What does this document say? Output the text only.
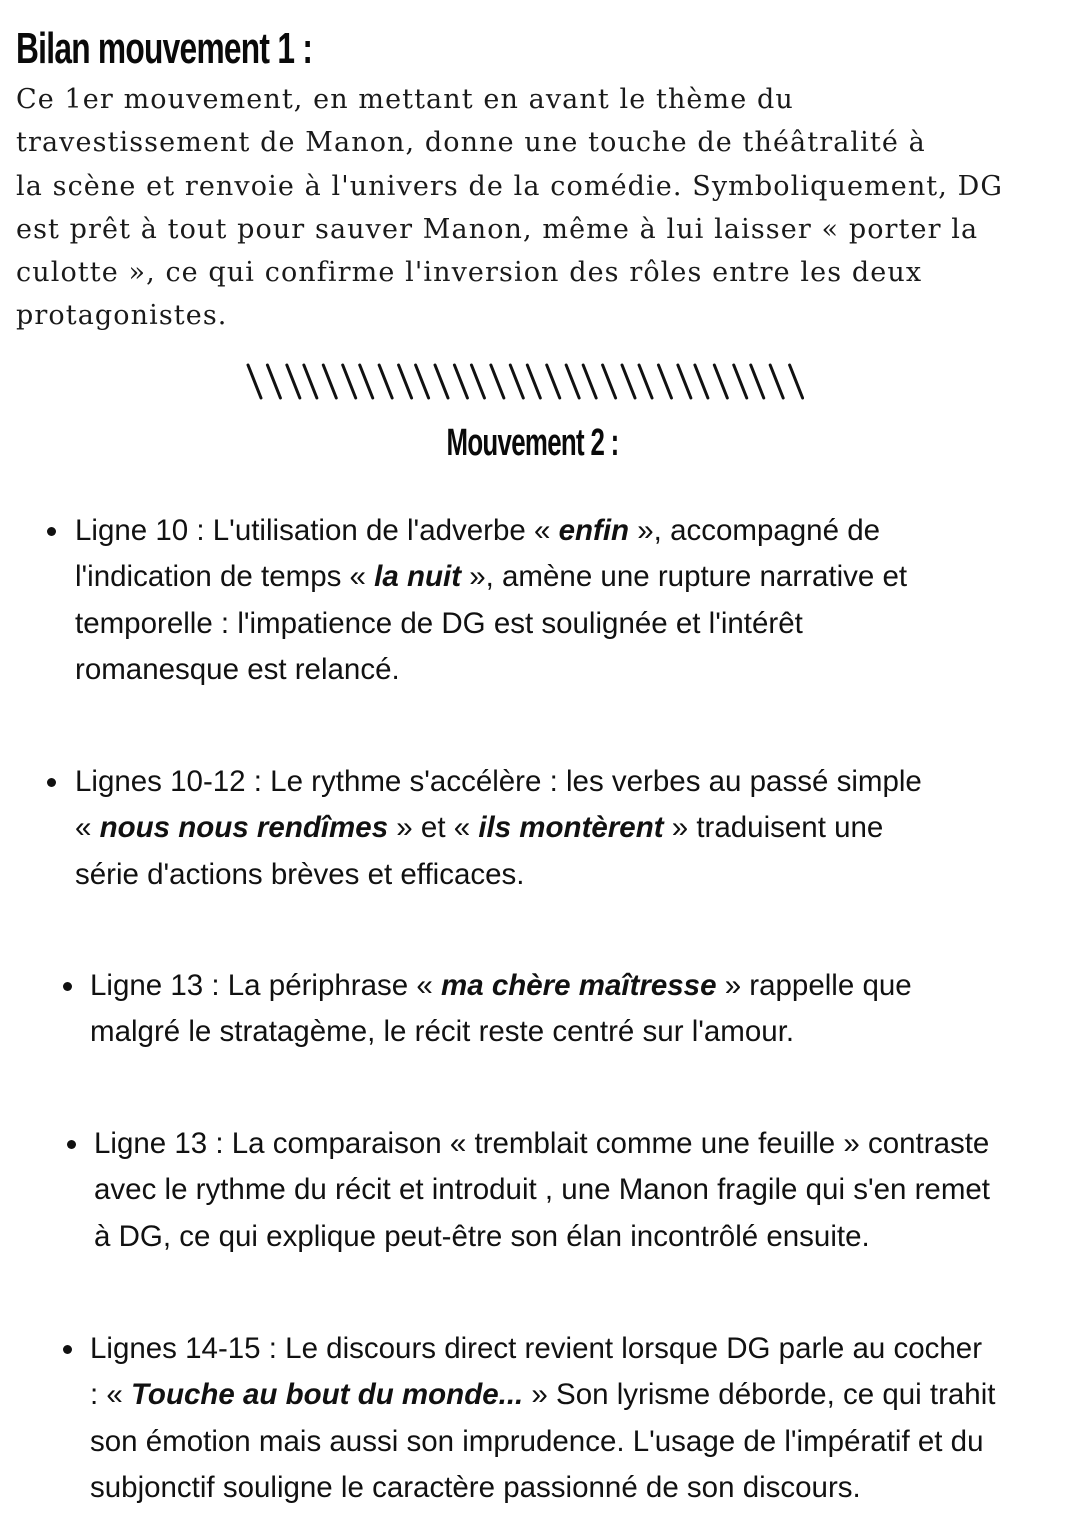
Bilan mouvement 1 :

Ce 1er mouvement, en mettant en avant le thème du
travestissement de Manon, donne une touche de théâtralité à
la scène et renvoie à l'univers de la comédie. Symboliquement, DG
est prêt à tout pour sauver Manon, même à lui laisser « porter la
culotte », ce qui confirme l'inversion des rôles entre les deux
protagonistes.

Mouvement 2 :
Ligne 10 : L'utilisation de l'adverbe « enfin », accompagné de
l'indication de temps « la nuit », amène une rupture narrative et
temporelle : l'impatience de DG est soulignée et l'intérêt
romanesque est relancé.
Lignes 10-12 : Le rythme s'accélère : les verbes au passé simple
« nous nous rendîmes » et « ils montèrent » traduisent une
série d'actions brèves et efficaces.
Ligne 13 : La périphrase « ma chère maîtresse » rappelle que
malgré le stratagème, le récit reste centré sur l'amour.
Ligne 13 : La comparaison « tremblait comme une feuille » contraste
avec le rythme du récit et introduit , une Manon fragile qui s'en remet
à DG, ce qui explique peut-être son élan incontrôlé ensuite.
Lignes 14-15 : Le discours direct revient lorsque DG parle au cocher
: « Touche au bout du monde... » Son lyrisme déborde, ce qui trahit
son émotion mais aussi son imprudence. L'usage de l'impératif et du
subjonctif souligne le caractère passionné de son discours.
